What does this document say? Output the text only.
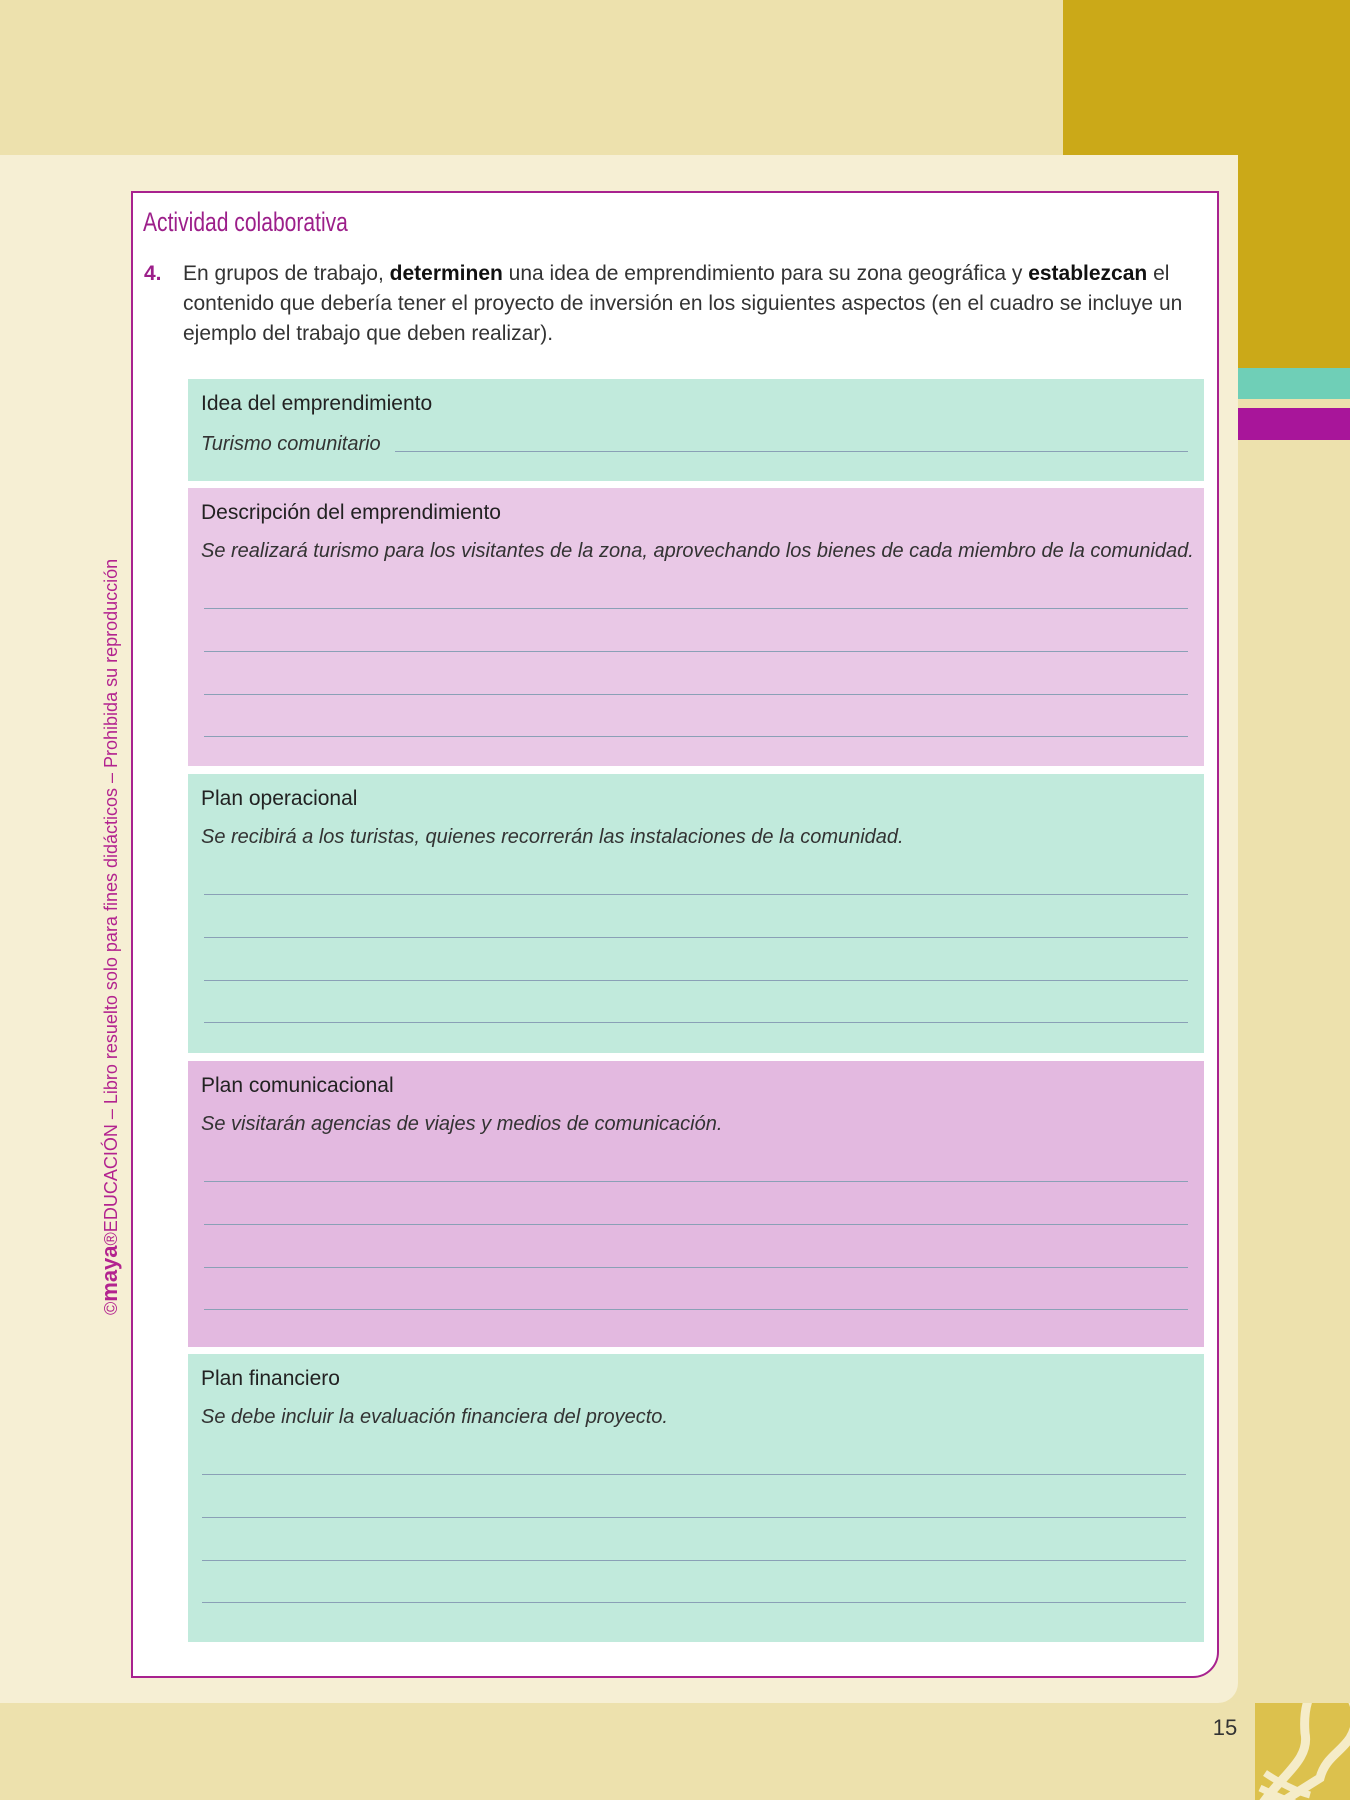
15
©maya®EDUCACIÓN – Libro resuelto solo para fines didácticos – Prohibida su reproducción
Actividad colaborativa
4. En grupos de trabajo, determinen una idea de emprendimiento para su zona geográfica y establezcan el contenido que debería tener el proyecto de inversión en los siguientes aspectos (en el cuadro se incluye un ejemplo del trabajo que deben realizar).
Idea del emprendimiento
Turismo comunitario
Descripción del emprendimiento
Se realizará turismo para los visitantes de la zona, aprovechando los bienes de cada miembro de la comunidad.
Plan operacional
Se recibirá a los turistas, quienes recorrerán las instalaciones de la comunidad.
Plan comunicacional
Se visitarán agencias de viajes y medios de comunicación.
Plan financiero
Se debe incluir la evaluación financiera del proyecto.
